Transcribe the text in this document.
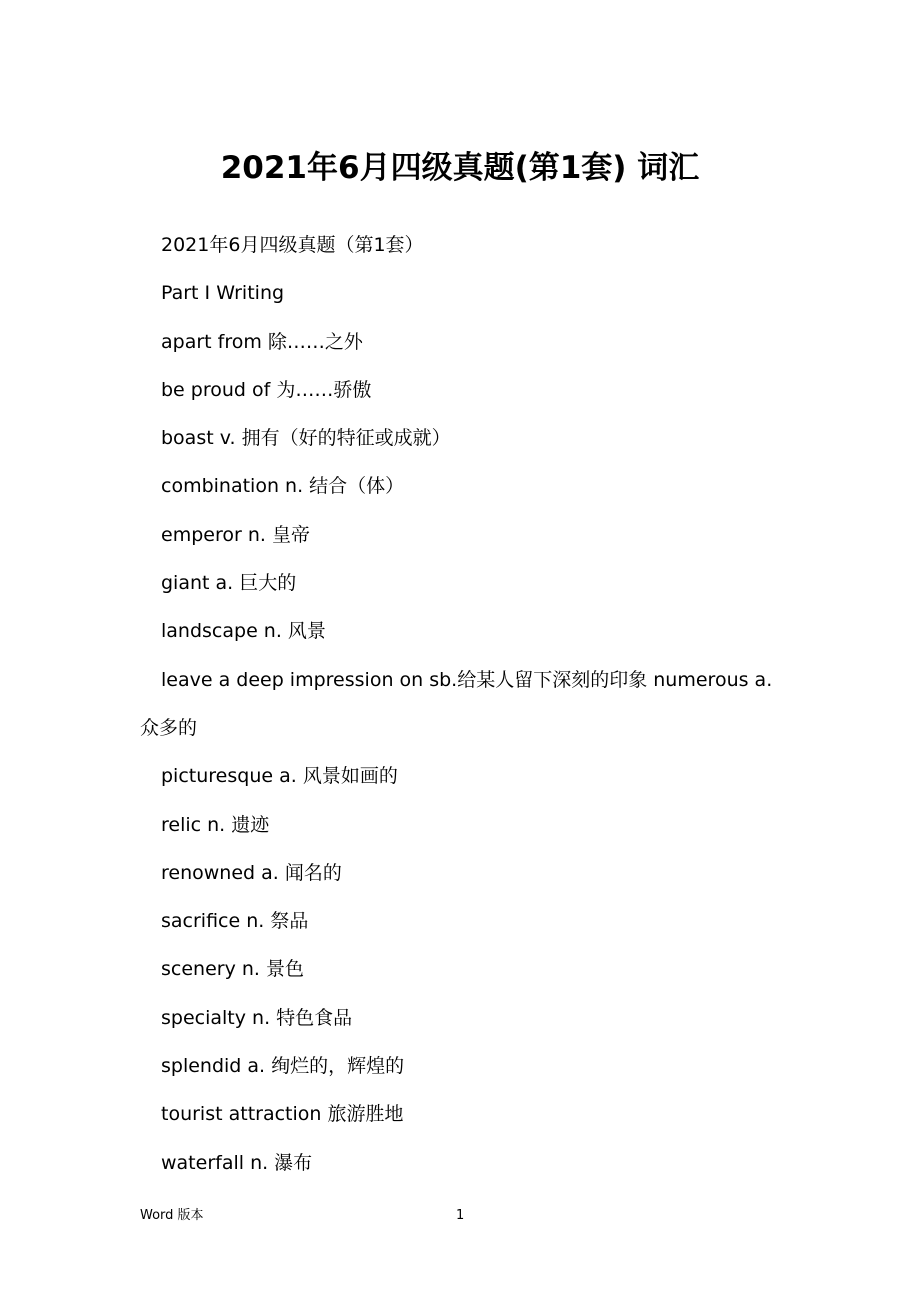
2021年6月四级真题(第1套) 词汇
2021年6月四级真题（第1套）
Part I Writing
apart from 除……之外
be proud of 为……骄傲
boast v. 拥有（好的特征或成就）
combination n. 结合（体）
emperor n. 皇帝
giant a. 巨大的
landscape n. 风景
leave a deep impression on sb.给某人留下深刻的印象 numerous a. 众多的
picturesque a. 风景如画的
relic n. 遗迹
renowned a. 闻名的
sacrifice n. 祭品
scenery n. 景色
specialty n. 特色食品
splendid a. 绚烂的，辉煌的
tourist attraction 旅游胜地
waterfall n. 瀑布
Word 版本	1
